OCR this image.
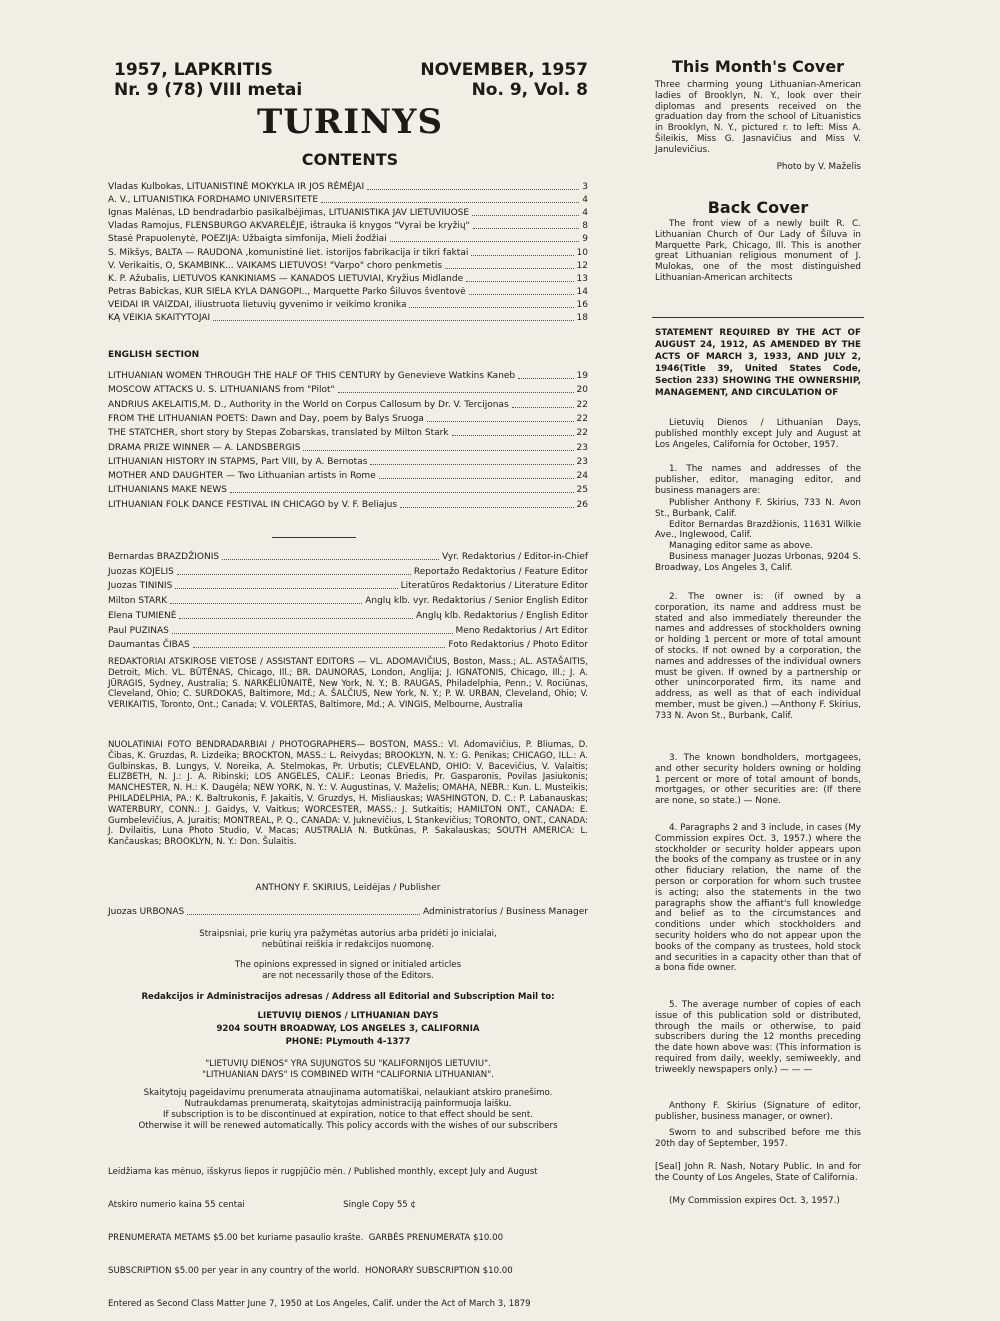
1957, LAPKRITIS
Nr. 9 (78) VIII metai
NOVEMBER, 1957
No. 9, Vol. 8
TURINYS
CONTENTS
Vladas Kulbokas, LITUANISTINĖ MOKYKLA IR JOS RĖMĖJAI	3
A. V., LITUANISTIKA FORDHAMO UNIVERSITETE	4
Ignas Malėnas, LD bendradarbio pasikalbėjimas, LITUANISTIKA JAV LIETUVIUOSE	4
Vladas Ramojus, FLENSBURGO AKVARELĖJE, ištrauka iš knygos "Vyrai be kryžių"	8
Stasė Prapuolenytė, POEZIJA: Užbaigta simfonija, Mieli žodžiai	9
S. Mikšys, BALTA — RAUDONA ,komunistinė liet. istorijos fabrikacija ir tikri faktai	10
V. Verikaitis, O, SKAMBINK... VAIKAMS LIETUVOS! "Varpo" choro penkmetis	12
K. P. Ažubalis, LIETUVOS KANKINIAMS — KANADOS LIETUVIAI, Kryžius Midlande	13
Petras Babickas, KUR SIELA KYLA DANGOPI.., Marquette Parko Šiluvos šventovė	14
VEIDAI IR VAIZDAI, iliustruota lietuvių gyvenimo ir veikimo kronika	16
KĄ VEIKIA SKAITYTOJAI	18
ENGLISH SECTION
LITHUANIAN WOMEN THROUGH THE HALF OF THIS CENTURY by Genevieve Watkins Kaneb	19
MOSCOW ATTACKS U. S. LITHUANIANS from "Pilot"	20
ANDRIUS AKELAITIS,M. D., Authority in the World on Corpus Callosum by Dr. V. Tercijonas	22
FROM THE LITHUANIAN POETS: Dawn and Day, poem by Balys Sruoga	22
THE STATCHER, short story by Stepas Zobarskas, translated by Milton Stark	22
DRAMA PRIZE WINNER — A. LANDSBERGIS	23
LITHUANIAN HISTORY IN STAPMS, Part VIII, by A. Bernotas	23
MOTHER AND DAUGHTER — Two Lithuanian artists in Rome	24
LITHUANIANS MAKE NEWS	25
LITHUANIAN FOLK DANCE FESTIVAL IN CHICAGO by V. F. Beliajus	26
Bernardas BRAZDŽIONIS	Vyr. Redaktorius / Editor-in-Chief
Juozas KOJELIS	Reportažo Redaktorius / Feature Editor
Juozas TININIS	Literatūros Redaktorius / Literature Editor
Milton STARK	Anglų klb. vyr. Redaktorius / Senior English Editor
Elena TUMIENĖ	Anglų klb. Redaktorius / English Editor
Paul PUZINAS	Meno Redaktorius / Art Editor
Daumantas ČIBAS	Foto Redaktorius / Photo Editor
REDAKTORIAI ATSKIROSE VIETOSE / ASSISTANT EDITORS — VL. ADOMAVIČIUS, Boston, Mass.; AL. ASTAŠAITIS, Detroit, Mich. VL. BŪTĖNAS, Chicago, Ill.; BR. DAUNORAS, London, Anglija; J. IGNATONIS, Chicago, Ill.; J. A. JŪRAGIS, Sydney, Australia; S. NARKĖLIŪNAITĖ, New York, N. Y.; B. RAUGAS, Philadelphia, Penn.; V. Rociūnas, Cleveland, Ohio; C. SURDOKAS, Baltimore, Md.; A. ŠALČIUS, New York, N. Y.; P. W. URBAN, Cleveland, Ohio; V. VERIKAITIS, Toronto, Ont.; Canada; V. VOLERTAS, Baltimore, Md.; A. VINGIS, Melbourne, Australia
NUOLATINIAI FOTO BENDRADARBIAI / PHOTOGRAPHERS— BOSTON, MASS.: Vl. Adomavičius, P. Bliumas, D. Čibas, K. Gruzdas, R. Lizdeika; BROCKTON, MASS.: L. Reivydas; BROOKLYN, N. Y.: G. Penikas; CHICAGO, ILL.: A. Gulbinskas, B. Lungys, V. Noreika, A. Stelmokas, Pr. Urbutis; CLEVELAND, OHIO: V. Bacevičius, V. Valaitis; ELIZBETH, N. J.: J. A. Ribinski; LOS ANGELES, CALIF.: Leonas Briedis, Pr. Gasparonis, Povilas Jasiukonis; MANCHESTER, N. H.: K. Daugėla; NEW YORK, N. Y.: V. Augustinas, V. Maželis; OMAHA, NEBR.: Kun. L. Musteikis; PHILADELPHIA, PA.: K. Baltrukonis, F. Jakaitis, V. Gruzdys, H. Misliauskas; WASHINGTON, D. C.: P. Labanauskas; WATERBURY, CONN.: J. Gaidys, V. Vaitkus; WORCESTER, MASS.: J. Sutkaitis; HAMILTON ONT., CANADA: E. Gumbelevičius, A. Juraitis; MONTREAL, P. Q., CANADA: V. Juknevičius, L Stankevičius; TORONTO, ONT., CANADA: J. Dvilaitis, Luna Photo Studio, V. Macas; AUSTRALIA N. Butkūnas, P. Sakalauskas; SOUTH AMERICA: L. Kančauskas; BROOKLYN, N. Y.: Don. Šulaitis.
ANTHONY F. SKIRIUS, Leidėjas / Publisher
Juozas URBONAS	Administratorius / Business Manager
Straipsniai, prie kurių yra pažymėtas autorius arba pridėti jo inicialai,
nebūtinai reiškia ir redakcijos nuomonę.
The opinions expressed in signed or initialed articles
are not necessarily those of the Editors.
Redakcijos ir Administracijos adresas / Address all Editorial and Subscription Mail to:
LIETUVIŲ DIENOS / LITHUANIAN DAYS
9204 SOUTH BROADWAY, LOS ANGELES 3, CALIFORNIA
PHONE: PLymouth 4-1377
"LIETUVIŲ DIENOS" YRA SUJUNGTOS SU "KALIFORNIJOS LIETUVIU".
"LITHUANIAN DAYS" IS COMBINED WITH "CALIFORNIA LITHUANIAN".
Skaitytojų pageidavimu prenumerata atnaujinama automatiškai, nelaukiant atskiro pranešimo.
Nutraukdamas prenumeratą, skaitytojas administraciją painformuoja laišku.
If subscription is to be discontinued at expiration, notice to that effect should be sent.
Otherwise it will be renewed automatically. This policy accords with the wishes of our subscribers

Leidžiama kas mėnuo, išskyrus liepos ir rugpjūčio mėn. / Published monthly, except July and August

Atskiro numerio kaina 55 centai                                    Single Copy 55 ¢

PRENUMERATA METAMS $5.00 bet kuriame pasaulio krašte.  GARBĖS PRENUMERATA $10.00

SUBSCRIPTION $5.00 per year in any country of the world.  HONORARY SUBSCRIPTION $10.00

Entered as Second Class Matter June 7, 1950 at Los Angeles, Calif. under the Act of March 3, 1879

This Month's Cover
Three charming young Lithuanian-American ladies of Brooklyn, N. Y., look over their diplomas and presents received on the graduation day from the school of Lituanistics in Brooklyn, N. Y., pictured r. to left: Miss A. Šileikis, Miss G. Jasnavičius and Miss V. Janulevičius.
Photo by V. Maželis
Back Cover
The front view of a newly built R. C. Lithuanian Church of Our Lady of Šiluva in Marquette Park, Chicago, Ill. This is another great Lithuanian religious monument of J. Mulokas, one of the most distinguished Lithuanian-American architects
STATEMENT REQUIRED BY THE ACT OF AUGUST 24, 1912, AS AMENDED BY THE ACTS OF MARCH 3, 1933, AND JULY 2, 1946(Title 39, United States Code, Section 233) SHOWING THE OWNERSHIP, MANAGEMENT, AND CIRCULATION OF
Lietuvių Dienos / Lithuanian Days, published monthly except July and August at Los Angeles, California for October, 1957.
1. The names and addresses of the publisher, editor, managing editor, and business managers are:
Publisher Anthony F. Skirius, 733 N. Avon St., Burbank, Calif.
Editor Bernardas Brazdžionis, 11631 Wilkie Ave., Inglewood, Calif.
Managing editor same as above.
Business manager Juozas Urbonas, 9204 S. Broadway, Los Angeles 3, Calif.
2. The owner is: (if owned by a corporation, its name and address must be stated and also immediately thereunder the names and addresses of stockholders owning or holding 1 percent or more of total amount of stocks. If not owned by a corporation, the names and addresses of the individual owners must be given. If owned by a partnership or other unincorporated firm, its name and address, as well as that of each individual member, must be given.) —Anthony F. Skirius, 733 N. Avon St., Burbank, Calif.
3. The known bondholders, mortgagees, and other security holders owning or holding 1 percent or more of total amount of bonds, mortgages, or other securities are: (If there are none, so state.) — None.
4. Paragraphs 2 and 3 include, in cases (My Commission expires Oct. 3, 1957.) where the stockholder or security holder appears upon the books of the company as trustee or in any other fiduciary relation, the name of the person or corporation for whom such trustee is acting; also the statements in the two paragraphs show the affiant's full knowledge and belief as to the circumstances and conditions under which stockholders and security holders who do not appear upon the books of the company as trustees, hold stock and securities in a capacity other than that of a bona fide owner.
5. The average number of copies of each issue of this publication sold or distributed, through the mails or otherwise, to paid subscribers during the 12 months preceding the date hown above was: (This information is required from daily, weekly, semiweekly, and triweekly newspapers only.) — — —
Anthony F. Skirius (Signature of editor, publisher, business manager, or owner).
Sworn to and subscribed before me this 20th day of September, 1957.
[Seal] John R. Nash, Notary Public. In and for the County of Los Angeles, State of California.
(My Commission expires Oct. 3, 1957.)
